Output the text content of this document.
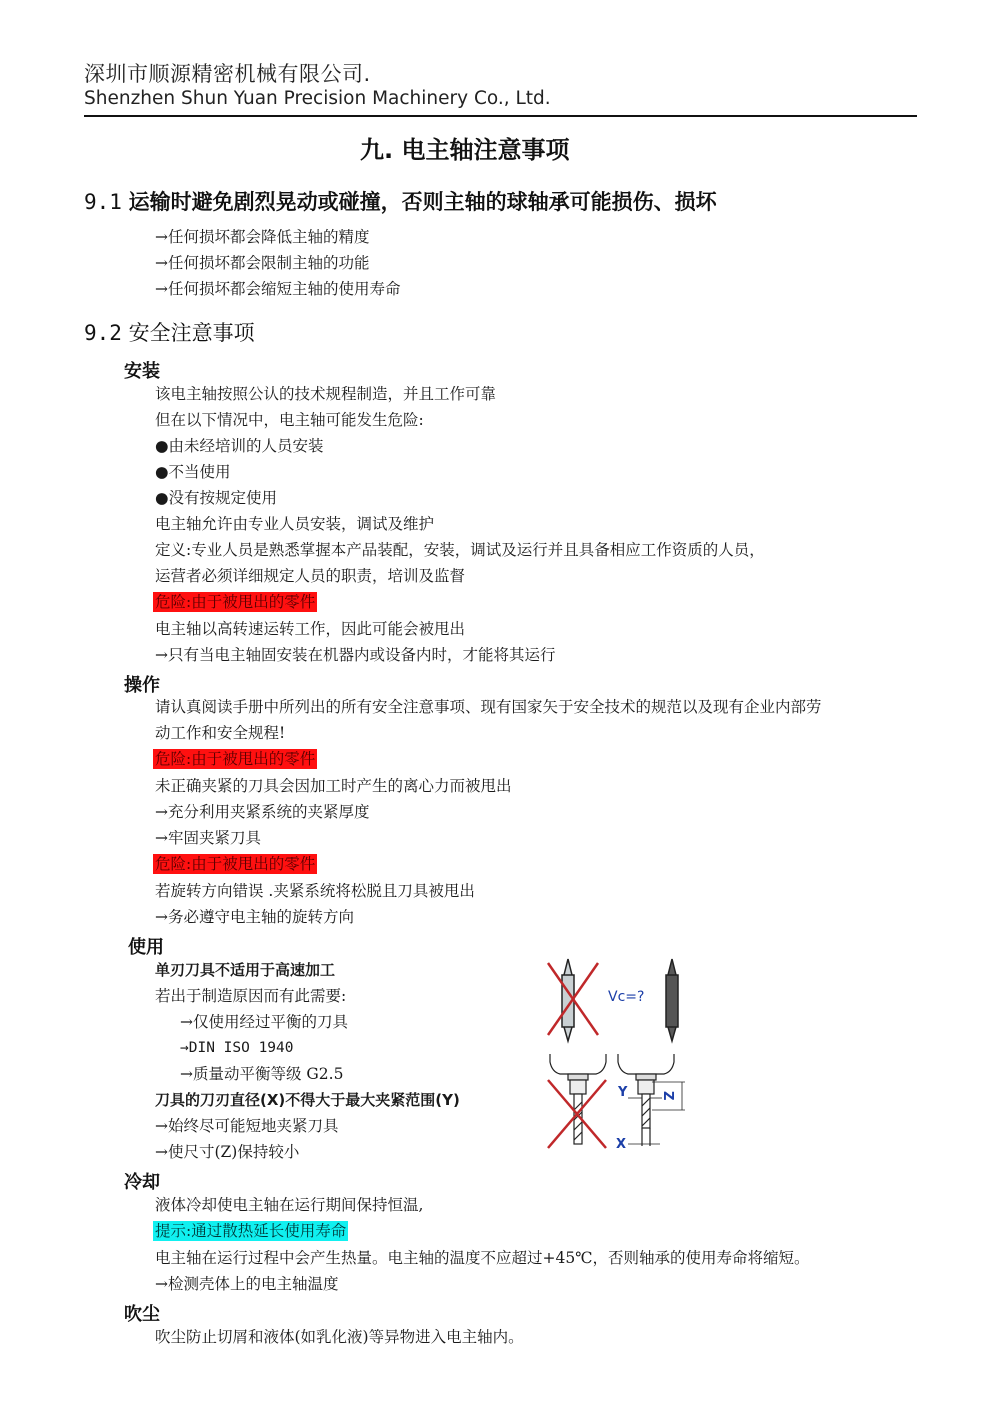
深圳市顺源精密机械有限公司.
Shenzhen Shun Yuan Precision Machinery Co., Ltd.
九. 电主轴注意事项
9.1 运输时避免剧烈晃动或碰撞，否则主轴的球轴承可能损伤、损坏
→任何损坏都会降低主轴的精度
→任何损坏都会限制主轴的功能
→任何损坏都会缩短主轴的使用寿命
9.2 安全注意事项
安装
该电主轴按照公认的技术规程制造，并且工作可靠
但在以下情况中，电主轴可能发生危险:
●由未经培训的人员安装
●不当使用
●没有按规定使用
电主轴允许由专业人员安装，调试及维护
定义:专业人员是熟悉掌握本产品装配，安装，调试及运行并且具备相应工作资质的人员，
运营者必须详细规定人员的职责，培训及监督
危险:由于被甩出的零件
电主轴以高转速运转工作，因此可能会被甩出
→只有当电主轴固安装在机器内或设备内时，才能将其运行
操作
请认真阅读手册中所列出的所有安全注意事项、现有国家矢于安全技术的规范以及现有企业内部劳
动工作和安全规程!
危险:由于被甩出的零件
未正确夹紧的刀具会因加工时产生的离心力而被甩出
→充分利用夹紧系统的夹紧厚度
→牢固夹紧刀具
危险:由于被甩出的零件
若旋转方向错误 .夹紧系统将松脱且刀具被甩出
→务必遵守电主轴的旋转方向
使用
单刃刀具不适用于高速加工
若出于制造原因而有此需要:
→仅使用经过平衡的刀具
→DIN ISO 1940
→质量动平衡等级 G2.5
刀具的刀刃直径(X)不得大于最大夹紧范围(Y)
→始终尽可能短地夹紧刀具
→使尺寸(Z)保持较小
Vc=?
Y	Z
X
冷却
液体冷却使电主轴在运行期间保持恒温,
提示:通过散热延长使用寿命
电主轴在运行过程中会产生热量。电主轴的温度不应超过+45℃，否则轴承的使用寿命将缩短。
→检测壳体上的电主轴温度
吹尘
吹尘防止切屑和液体(如乳化液)等异物进入电主轴内。
